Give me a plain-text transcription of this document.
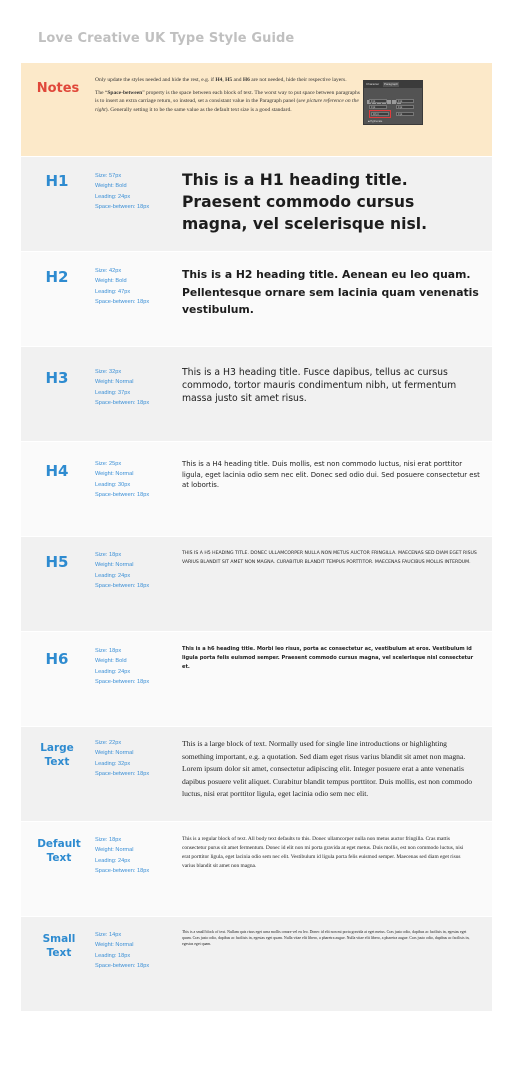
Love Creative UK Type Style Guide
Notes

Only update the styles needed and hide the rest, e.g. if H4, H5 and H6 are not needed, hide their respective layers.

The “Space-between” property is the space between each block of text. The worst way to put space between paragraphs is to insert an extra carriage return, so instead, set a consistant value in the Paragraph panel (see picture reference on the right). Generally setting it to be the same value as the default text size is a good standard.

Character	Paragraph
0 pt	0 pt
0 pt	0 pt
18 pt	0 pt
■ Hyphenate
H1	Size: 57px
Weight: Bold
Leading: 24px
Space-between: 18px
This is a H1 heading title. Praesent commodo cursus magna, vel scelerisque nisl.
H2	Size: 42px
Weight: Bold
Leading: 47px
Space-between: 18px
This is a H2 heading title. Aenean eu leo quam. Pellentesque ornare sem lacinia quam venenatis vestibulum.
H3	Size: 32px
Weight: Normal
Leading: 37px
Space-between: 18px
This is a H3 heading title. Fusce dapibus, tellus ac cursus commodo, tortor mauris condimentum nibh, ut fermentum massa justo sit amet risus.
H4	Size: 25px
Weight: Normal
Leading: 30px
Space-between: 18px
This is a H4 heading title. Duis mollis, est non commodo luctus, nisi erat porttitor ligula, eget lacinia odio sem nec elit. Donec sed odio dui. Sed posuere consectetur est at lobortis.
H5	Size: 18px
Weight: Normal
Leading: 24px
Space-between: 18px
THIS IS A H5 HEADING TITLE. DONEC ULLAMCORPER NULLA NON METUS AUCTOR FRINGILLA. MAECENAS SED DIAM EGET RISUS VARIUS BLANDIT SIT AMET NON MAGNA. CURABITUR BLANDIT TEMPUS PORTTITOR. MAECENAS FAUCIBUS MOLLIS INTERDUM.
H6	Size: 18px
Weight: Bold
Leading: 24px
Space-between: 18px
This is a h6 heading title. Morbi leo risus, porta ac consectetur ac, vestibulum at eros. Vestibulum id ligula porta felis euismod semper. Praesent commodo cursus magna, vel scelerisque nisl consectetur et.
Large
Text
Size: 22px
Weight: Normal
Leading: 32px
Space-between: 18px
This is a large block of text. Normally used for single line introductions or highlighting something important, e.g. a quotation. Sed diam eget risus varius blandit sit amet non magna. Lorem ipsum dolor sit amet, consectetur adipiscing elit. Integer posuere erat a ante venenatis dapibus posuere velit aliquet. Curabitur blandit tempus porttitor. Duis mollis, est non commodo luctus, nisi erat porttitor ligula, eget lacinia odio sem nec elit.
Default
Text
Size: 18px
Weight: Normal
Leading: 24px
Space-between: 18px
This is a regular block of text. All body text defaults to this. Donec ullamcorper nulla non metus auctor fringilla. Cras mattis consectetur purus sit amet fermentum. Donec id elit non mi porta gravida at eget metus. Duis mollis, est non commodo luctus, nisi erat porttitor ligula, eget lacinia odio sem nec elit. Vestibulum id ligula porta felis euismod semper. Maecenas sed diam eget risus varius blandit sit amet non magna.
Small
Text
Size: 14px
Weight: Normal
Leading: 18px
Space-between: 18px
This is a small block of text. Nullam quis risus eget urna mollis ornare vel eu leo. Donec id elit non mi porta gravida at eget metus. Cras justo odio, dapibus ac facilisis in, egestas eget quam. Cras justo odio, dapibus ac facilisis in, egestas eget quam. Nulla vitae elit libero, a pharetra augue. Nulla vitae elit libero, a pharetra augue. Cras justo odio, dapibus ac facilisis in, egestas eget quam.
